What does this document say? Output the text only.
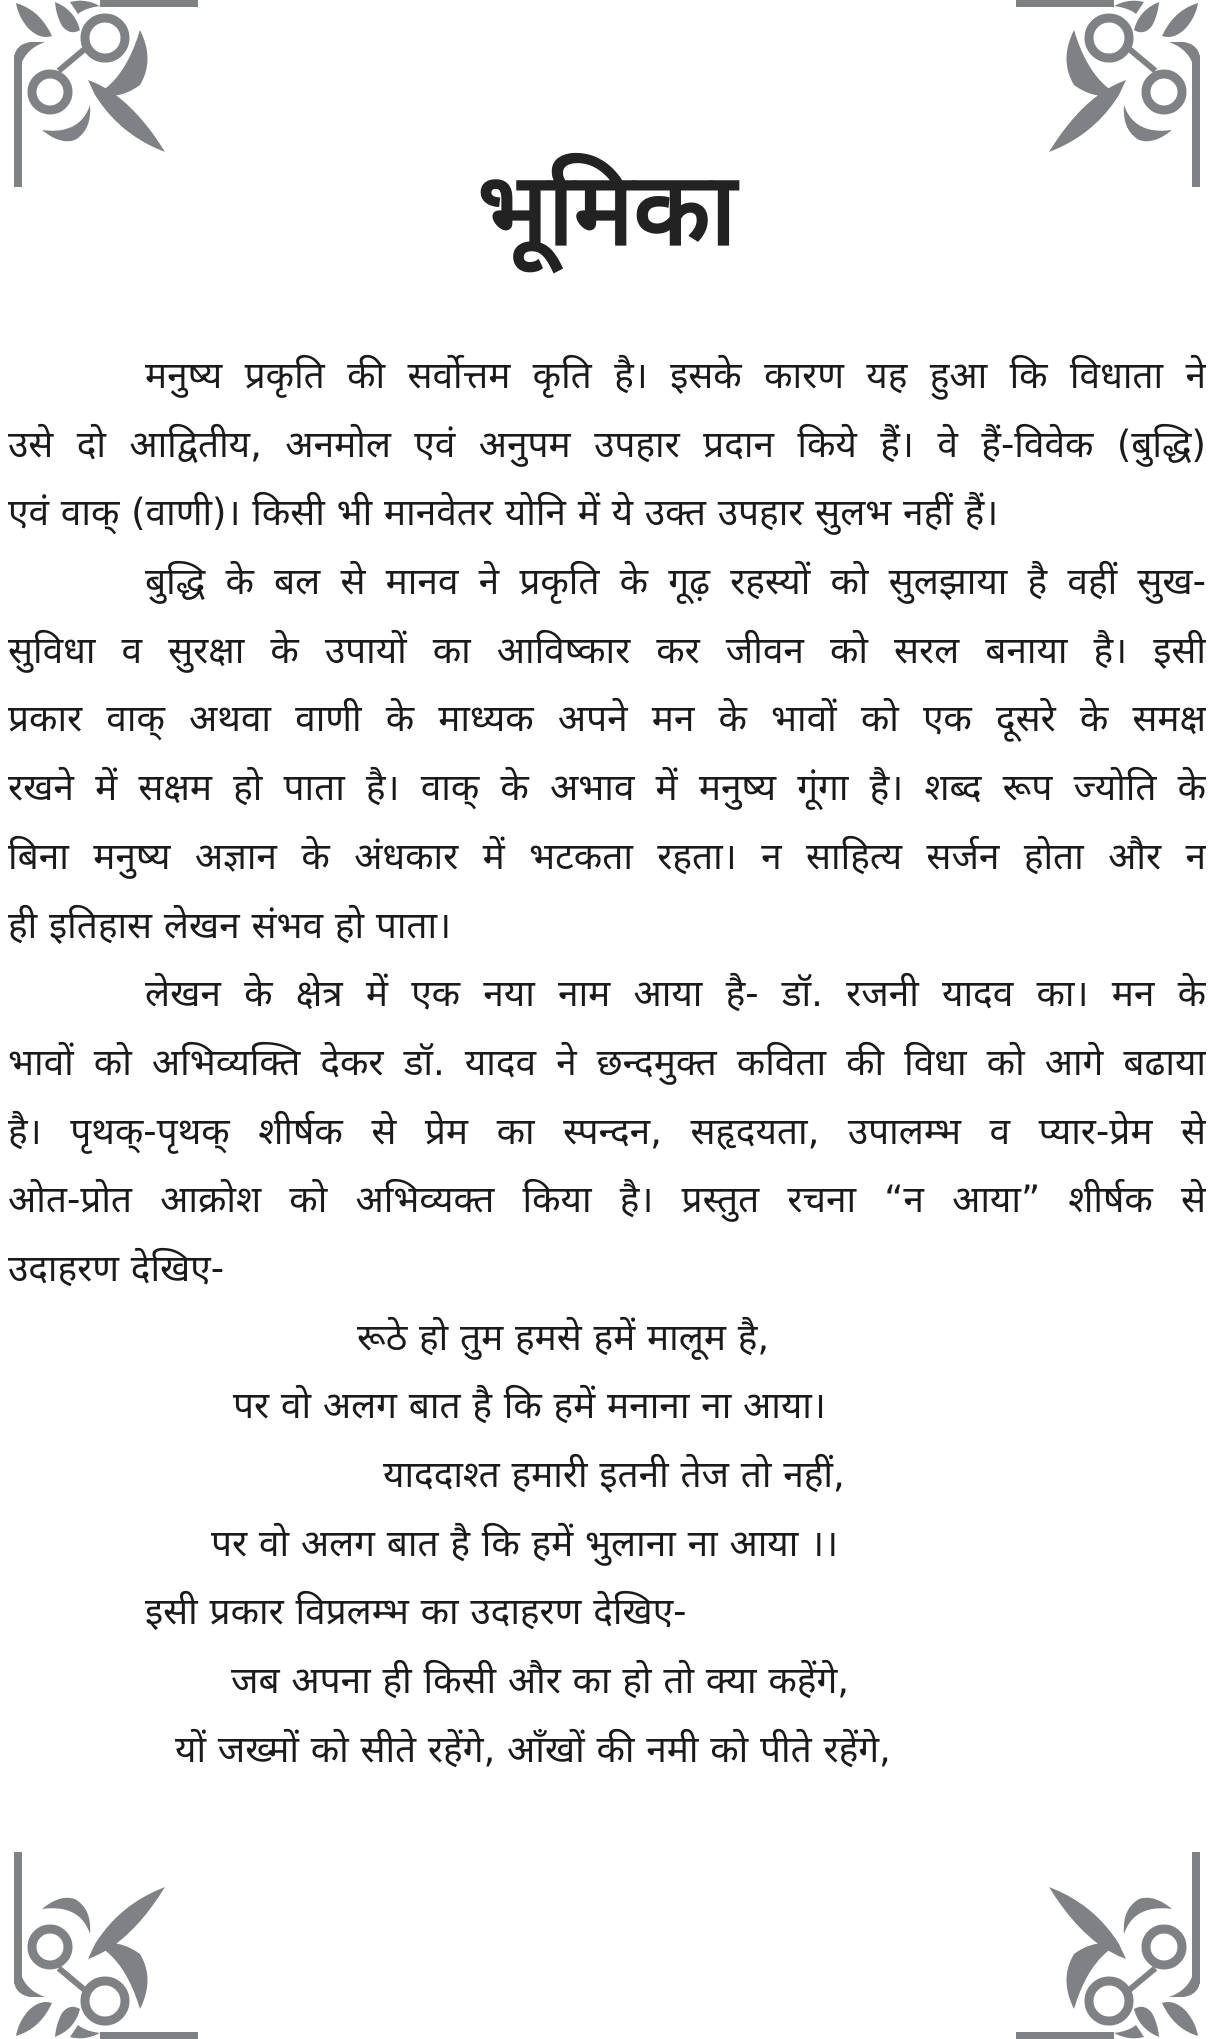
भूमिका
मनुष्य प्रकृति की सर्वोत्तम कृति है। इसके कारण यह हुआ कि विधाता ने
उसे दो आद्वितीय, अनमोल एवं अनुपम उपहार प्रदान किये हैं। वे हैं-विवेक (बुद्धि)
एवं वाक् (वाणी)। किसी भी मानवेतर योनि में ये उक्त उपहार सुलभ नहीं हैं।
बुद्धि के बल से मानव ने प्रकृति के गूढ़ रहस्यों को सुलझाया है वहीं सुख-
सुविधा व सुरक्षा के उपायों का आविष्कार कर जीवन को सरल बनाया है। इसी
प्रकार वाक् अथवा वाणी के माध्यक अपने मन के भावों को एक दूसरे के समक्ष
रखने में सक्षम हो पाता है। वाक् के अभाव में मनुष्य गूंगा है। शब्द रूप ज्योति के
बिना मनुष्य अज्ञान के अंधकार में भटकता रहता। न साहित्य सर्जन होता और न
ही इतिहास लेखन संभव हो पाता।
लेखन के क्षेत्र में एक नया नाम आया है- डॉ. रजनी यादव का। मन के
भावों को अभिव्यक्ति देकर डॉ. यादव ने छन्दमुक्त कविता की विधा को आगे बढाया
है। पृथक्-पृथक् शीर्षक से प्रेम का स्पन्दन, सहृदयता, उपालम्भ व प्यार-प्रेम से
ओत-प्रोत आक्रोश को अभिव्यक्त किया है। प्रस्तुत रचना “न आया” शीर्षक से
उदाहरण देखिए-
रूठे हो तुम हमसे हमें मालूम है,
पर वो अलग बात है कि हमें मनाना ना आया।
याददाश्त हमारी इतनी तेज तो नहीं,
पर वो अलग बात है कि हमें भुलाना ना आया ।।
इसी प्रकार विप्रलम्भ का उदाहरण देखिए-
जब अपना ही किसी और का हो तो क्या कहेंगे,
यों जख्मों को सीते रहेंगे, आँखों की नमी को पीते रहेंगे,
